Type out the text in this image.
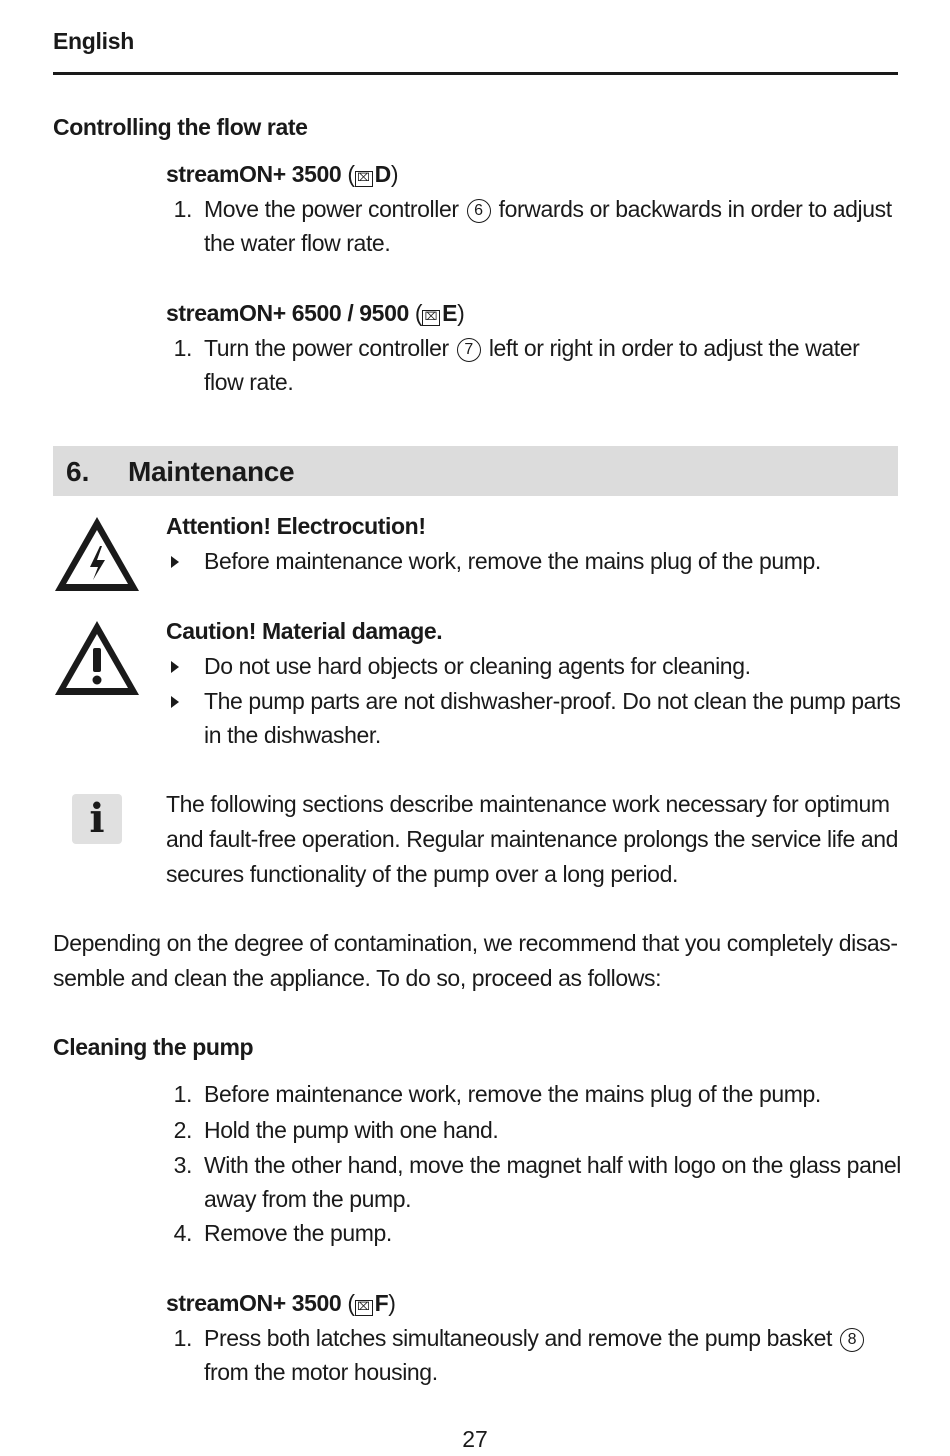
English
Controlling the flow rate
streamON+ 3500 ( ⌧ D)
1. Move the power controller 6 forwards or backwards in order to adjust
the water flow rate.
streamON+ 6500 / 9500 ( ⌧ E)
1. Turn the power controller 7 left or right in order to adjust the water
flow rate.
6. Maintenance
Attention! Electrocution!
Before maintenance work, remove the mains plug of the pump.
Caution! Material damage.
Do not use hard objects or cleaning agents for cleaning.
The pump parts are not dishwasher-proof. Do not clean the pump parts
in the dishwasher.
i	The following sections describe maintenance work necessary for optimum
and fault-free operation. Regular maintenance prolongs the service life and
secures functionality of the pump over a long period.
Depending on the degree of contamination, we recommend that you completely disas-
semble and clean the appliance. To do so, proceed as follows:
Cleaning the pump
1. Before maintenance work, remove the mains plug of the pump.
2. Hold the pump with one hand.
3. With the other hand, move the magnet half with logo on the glass panel
away from the pump.
4. Remove the pump.
streamON+ 3500 ( ⌧ F)
1. Press both latches simultaneously and remove the pump basket 8
from the motor housing.
27
